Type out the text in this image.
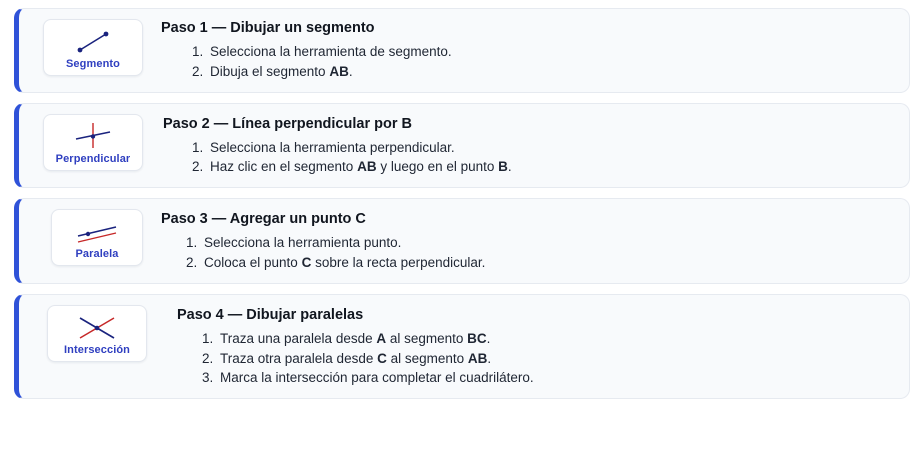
Segmento
Paso 1 — Dibujar un segmento
1. Selecciona la herramienta de segmento.
2. Dibuja el segmento AB.
Perpendicular
Paso 2 — Línea perpendicular por B
1. Selecciona la herramienta perpendicular.
2. Haz clic en el segmento AB y luego en el punto B.
Paralela
Paso 3 — Agregar un punto C
1. Selecciona la herramienta punto.
2. Coloca el punto C sobre la recta perpendicular.
Intersección
Paso 4 — Dibujar paralelas
1. Traza una paralela desde A al segmento BC.
2. Traza otra paralela desde C al segmento AB.
3. Marca la intersección para completar el cuadrilátero.
